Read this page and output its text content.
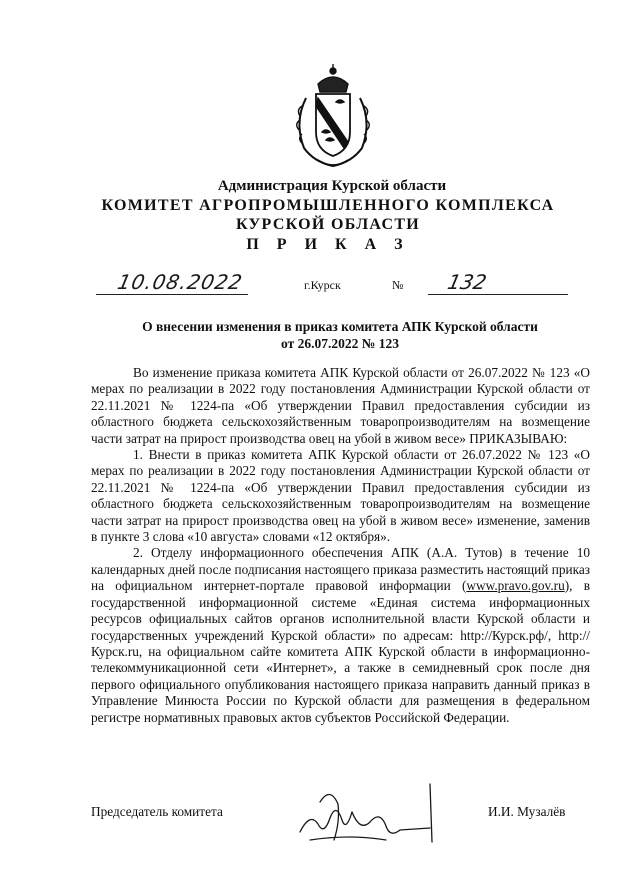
Администрация Курской области
КОМИТЕТ АГРОПРОМЫШЛЕННОГО КОМПЛЕКСА
КУРСКОЙ ОБЛАСТИ
П Р И К А З
10.08.2022	г.Курск	№ 132
О внесении изменения в приказ комитета АПК Курской области
от 26.07.2022 № 123

Во изменение приказа комитета АПК Курской области от 26.07.2022 № 123 «О мерах по реализации в 2022 году постановления Администрации Курской области от 22.11.2021 № 1224-па «Об утверждении Правил предоставления субсидии из областного бюджета сельскохозяйственным товаропроизводителям на возмещение части затрат на прирост производства овец на убой в живом весе» ПРИКАЗЫВАЮ:

1. Внести в приказ комитета АПК Курской области от 26.07.2022 № 123 «О мерах по реализации в 2022 году постановления Администрации Курской области от 22.11.2021 № 1224-па «Об утверждении Правил предоставления субсидии из областного бюджета сельскохозяйственным товаропроизводителям на возмещение части затрат на прирост производства овец на убой в живом весе» изменение, заменив в пункте 3 слова «10 августа» словами «12 октября».

2. Отделу информационного обеспечения АПК (А.А. Тутов) в течение 10 календарных дней после подписания настоящего приказа разместить настоящий приказ на официальном интернет-портале правовой информации (www.pravo.gov.ru), в государственной информационной системе «Единая система информационных ресурсов официальных сайтов органов исполнительной власти Курской области и государственных учреждений Курской области» по адресам: http://Курск.рф/, http://Курск.ru, на официальном сайте комитета АПК Курской области в информационно-телекоммуникационной сети «Интернет», а также в семидневный срок после дня первого официального опубликования настоящего приказа направить данный приказ в Управление Минюста России по Курской области для размещения в федеральном регистре нормативных правовых актов субъектов Российской Федерации.

Председатель комитета	И.И. Музалёв
